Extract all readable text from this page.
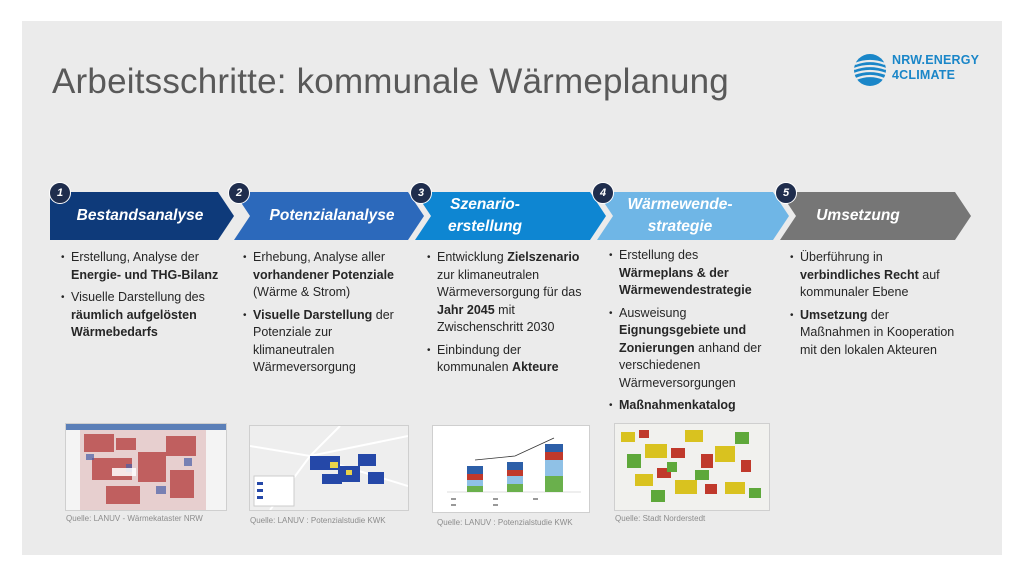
Arbeitsschritte: kommunale Wärmeplanung
NRW.ENERGY
4CLIMATE
Bestandsanalyse	Potenzialanalyse
Szenario-
erstellung
Wärmewende-
strategie
Umsetzung
1	2	3	4	5
• Erstellung, Analyse der Energie- und THG-Bilanz
• Visuelle Darstellung des räumlich aufgelösten Wärmebedarfs
• Erhebung, Analyse aller vorhandener Potenziale (Wärme & Strom)
• Visuelle Darstellung der Potenziale zur klimaneutralen Wärmeversorgung
• Entwicklung Zielszenario zur klimaneutralen Wärmeversorgung für das Jahr 2045 mit Zwischenschritt 2030
• Einbindung der kommunalen Akteure
• Erstellung des Wärmeplans & der Wärmewendestrategie
• Ausweisung Eignungsgebiete und Zonierungen anhand der verschiedenen Wärmeversorgungen
• Maßnahmenkatalog
• Überführung in verbindliches Recht auf kommunaler Ebene
• Umsetzung der Maßnahmen in Kooperation mit den lokalen Akteuren
Quelle: LANUV - Wärmekataster NRW	Quelle: LANUV : Potenzialstudie KWK	Quelle: LANUV : Potenzialstudie KWK	Quelle: Stadt Norderstedt
